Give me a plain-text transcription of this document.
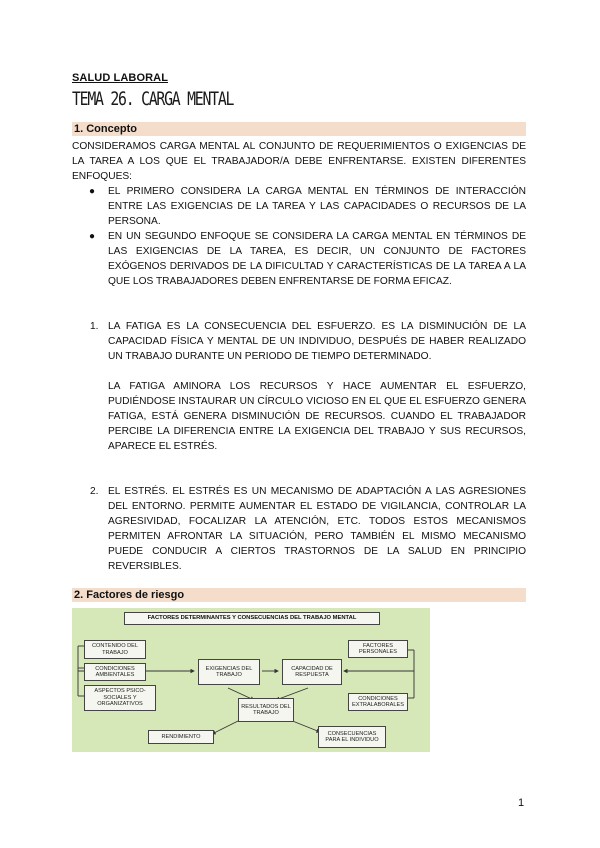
SALUD LABORAL
TEMA 26. CARGA MENTAL
1. Concepto
CONSIDERAMOS CARGA MENTAL AL CONJUNTO DE REQUERIMIENTOS O EXIGENCIAS DE LA TAREA A LOS QUE EL TRABAJADOR/A DEBE ENFRENTARSE. EXISTEN DIFERENTES ENFOQUES:
● EL PRIMERO CONSIDERA LA CARGA MENTAL EN TÉRMINOS DE INTERACCIÓN ENTRE LAS EXIGENCIAS DE LA TAREA Y LAS CAPACIDADES O RECURSOS DE LA PERSONA.
● EN UN SEGUNDO ENFOQUE SE CONSIDERA LA CARGA MENTAL EN TÉRMINOS DE LAS EXIGENCIAS DE LA TAREA, ES DECIR, UN CONJUNTO DE FACTORES EXÓGENOS DERIVADOS DE LA DIFICULTAD Y CARACTERÍSTICAS DE LA TAREA A LA QUE LOS TRABAJADORES DEBEN ENFRENTARSE DE FORMA EFICAZ.
1. LA FATIGA ES LA CONSECUENCIA DEL ESFUERZO. ES LA DISMINUCIÓN DE LA CAPACIDAD FÍSICA Y MENTAL DE UN INDIVIDUO, DESPUÉS DE HABER REALIZADO UN TRABAJO DURANTE UN PERIODO DE TIEMPO DETERMINADO.

LA FATIGA AMINORA LOS RECURSOS Y HACE AUMENTAR EL ESFUERZO, PUDIÉNDOSE INSTAURAR UN CÍRCULO VICIOSO EN EL QUE EL ESFUERZO GENERA FATIGA, ESTÁ GENERA DISMINUCIÓN DE RECURSOS. CUANDO EL TRABAJADOR PERCIBE LA DIFERENCIA ENTRE LA EXIGENCIA DEL TRABAJO Y SUS RECURSOS, APARECE EL ESTRÉS.

2. EL ESTRÉS. EL ESTRÉS ES UN MECANISMO DE ADAPTACIÓN A LAS AGRESIONES DEL ENTORNO. PERMITE AUMENTAR EL ESTADO DE VIGILANCIA, CONTROLAR LA AGRESIVIDAD, FOCALIZAR LA ATENCIÓN, ETC. TODOS ESTOS MECANISMOS PERMITEN AFRONTAR LA SITUACIÓN, PERO TAMBIÉN EL MISMO MECANISMO PUEDE CONDUCIR A CIERTOS TRASTORNOS DE LA SALUD EN PRINCIPIO REVERSIBLES.

2. Factores de riesgo
FACTORES DETERMINANTES Y CONSECUENCIAS DEL TRABAJO MENTAL
CONTENIDO DEL TRABAJO
CONDICIONES AMBIENTALES
ASPECTOS PSICO-SOCIALES Y ORGANIZATIVOS
EXIGENCIAS DEL TRABAJO
CAPACIDAD DE RESPUESTA
FACTORES PERSONALES
CONDICIONES EXTRALABORALES
RESULTADOS DEL TRABAJO
RENDIMIENTO
CONSECUENCIAS PARA EL INDIVIDUO
1
